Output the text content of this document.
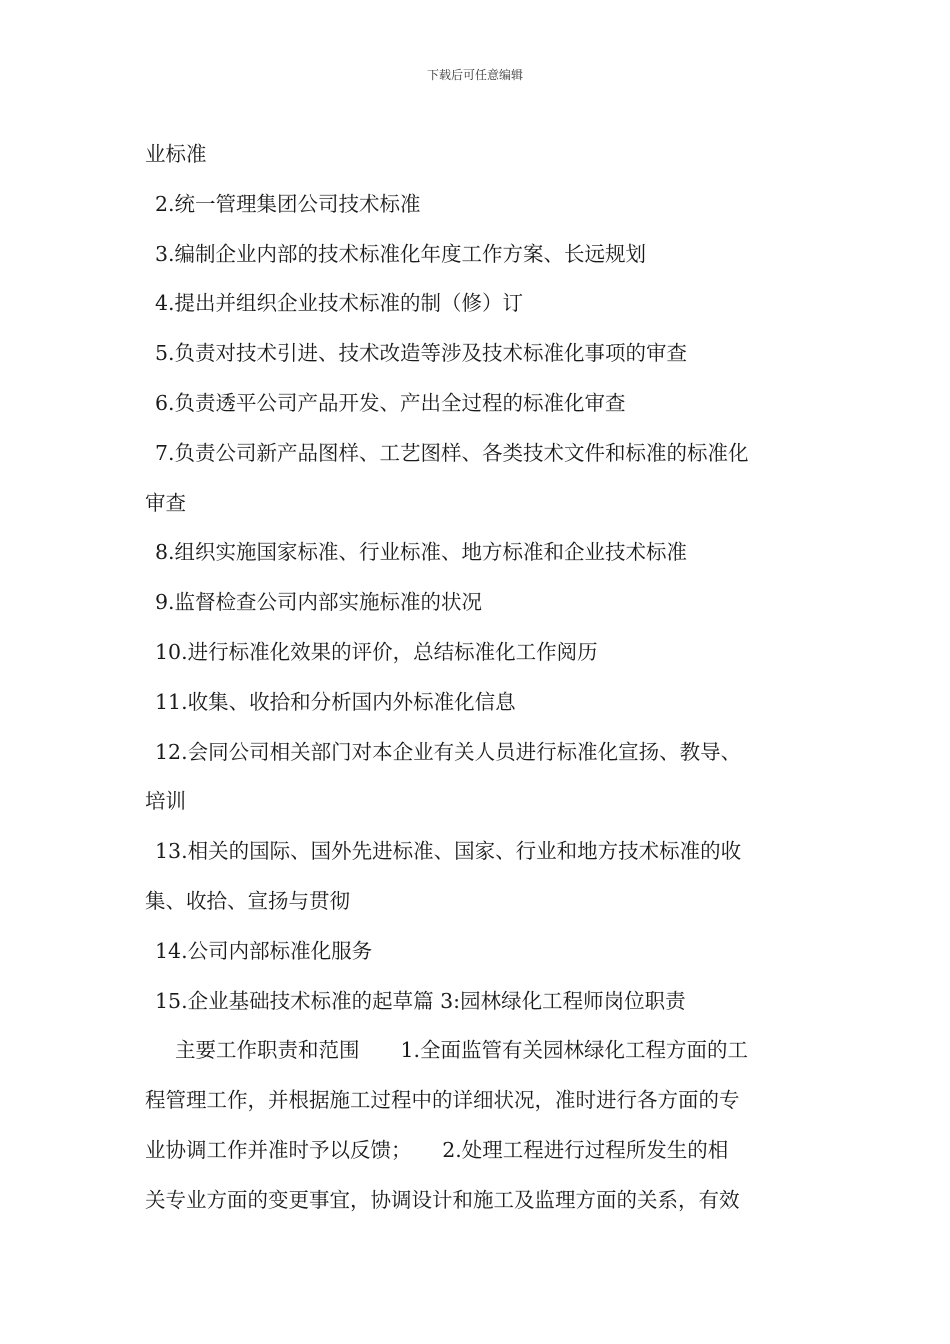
下载后可任意编辑
业标准
2.统一管理集团公司技术标准
3.编制企业内部的技术标准化年度工作方案、长远规划
4.提出并组织企业技术标准的制（修）订
5.负责对技术引进、技术改造等涉及技术标准化事项的审查
6.负责透平公司产品开发、产出全过程的标准化审查
7.负责公司新产品图样、工艺图样、各类技术文件和标准的标准化
审查
8.组织实施国家标准、行业标准、地方标准和企业技术标准
9.监督检查公司内部实施标准的状况
10.进行标准化效果的评价，总结标准化工作阅历
11.收集、收拾和分析国内外标准化信息
12.会同公司相关部门对本企业有关人员进行标准化宣扬、教导、
培训
13.相关的国际、国外先进标准、国家、行业和地方技术标准的收
集、收拾、宣扬与贯彻
14.公司内部标准化服务
15.企业基础技术标准的起草篇 3:园林绿化工程师岗位职责
主要工作职责和范围　　1.全面监管有关园林绿化工程方面的工
程管理工作，并根据施工过程中的详细状况，准时进行各方面的专
业协调工作并准时予以反馈；　　2.处理工程进行过程所发生的相
关专业方面的变更事宜，协调设计和施工及监理方面的关系，有效
